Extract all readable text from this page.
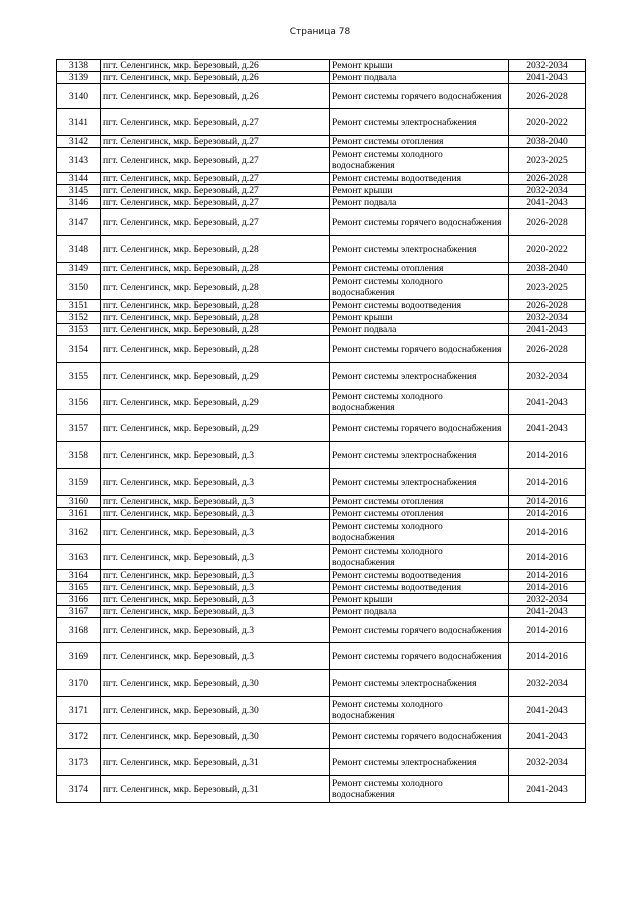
Страница 78
3138	пгт. Селенгинск, мкр. Березовый, д.26	Ремонт крыши	2032-2034
3139	пгт. Селенгинск, мкр. Березовый, д.26	Ремонт подвала	2041-2043
3140	пгт. Селенгинск, мкр. Березовый, д.26	Ремонт системы горячего водоснабжения	2026-2028
3141	пгт. Селенгинск, мкр. Березовый, д.27	Ремонт системы электроснабжения	2020-2022
3142	пгт. Селенгинск, мкр. Березовый, д.27	Ремонт системы отопления	2038-2040
3143	пгт. Селенгинск, мкр. Березовый, д.27	Ремонт системы холодного водоснабжения	2023-2025
3144	пгт. Селенгинск, мкр. Березовый, д.27	Ремонт системы водоотведения	2026-2028
3145	пгт. Селенгинск, мкр. Березовый, д.27	Ремонт крыши	2032-2034
3146	пгт. Селенгинск, мкр. Березовый, д.27	Ремонт подвала	2041-2043
3147	пгт. Селенгинск, мкр. Березовый, д.27	Ремонт системы горячего водоснабжения	2026-2028
3148	пгт. Селенгинск, мкр. Березовый, д.28	Ремонт системы электроснабжения	2020-2022
3149	пгт. Селенгинск, мкр. Березовый, д.28	Ремонт системы отопления	2038-2040
3150	пгт. Селенгинск, мкр. Березовый, д.28	Ремонт системы холодного водоснабжения	2023-2025
3151	пгт. Селенгинск, мкр. Березовый, д.28	Ремонт системы водоотведения	2026-2028
3152	пгт. Селенгинск, мкр. Березовый, д.28	Ремонт крыши	2032-2034
3153	пгт. Селенгинск, мкр. Березовый, д.28	Ремонт подвала	2041-2043
3154	пгт. Селенгинск, мкр. Березовый, д.28	Ремонт системы горячего водоснабжения	2026-2028
3155	пгт. Селенгинск, мкр. Березовый, д.29	Ремонт системы электроснабжения	2032-2034
3156	пгт. Селенгинск, мкр. Березовый, д.29	Ремонт системы холодного водоснабжения	2041-2043
3157	пгт. Селенгинск, мкр. Березовый, д.29	Ремонт системы горячего водоснабжения	2041-2043
3158	пгт. Селенгинск, мкр. Березовый, д.3	Ремонт системы электроснабжения	2014-2016
3159	пгт. Селенгинск, мкр. Березовый, д.3	Ремонт системы электроснабжения	2014-2016
3160	пгт. Селенгинск, мкр. Березовый, д.3	Ремонт системы отопления	2014-2016
3161	пгт. Селенгинск, мкр. Березовый, д.3	Ремонт системы отопления	2014-2016
3162	пгт. Селенгинск, мкр. Березовый, д.3	Ремонт системы холодного водоснабжения	2014-2016
3163	пгт. Селенгинск, мкр. Березовый, д.3	Ремонт системы холодного водоснабжения	2014-2016
3164	пгт. Селенгинск, мкр. Березовый, д.3	Ремонт системы водоотведения	2014-2016
3165	пгт. Селенгинск, мкр. Березовый, д.3	Ремонт системы водоотведения	2014-2016
3166	пгт. Селенгинск, мкр. Березовый, д.3	Ремонт крыши	2032-2034
3167	пгт. Селенгинск, мкр. Березовый, д.3	Ремонт подвала	2041-2043
3168	пгт. Селенгинск, мкр. Березовый, д.3	Ремонт системы горячего водоснабжения	2014-2016
3169	пгт. Селенгинск, мкр. Березовый, д.3	Ремонт системы горячего водоснабжения	2014-2016
3170	пгт. Селенгинск, мкр. Березовый, д.30	Ремонт системы электроснабжения	2032-2034
3171	пгт. Селенгинск, мкр. Березовый, д.30	Ремонт системы холодного водоснабжения	2041-2043
3172	пгт. Селенгинск, мкр. Березовый, д.30	Ремонт системы горячего водоснабжения	2041-2043
3173	пгт. Селенгинск, мкр. Березовый, д.31	Ремонт системы электроснабжения	2032-2034
3174	пгт. Селенгинск, мкр. Березовый, д.31	Ремонт системы холодного водоснабжения	2041-2043
